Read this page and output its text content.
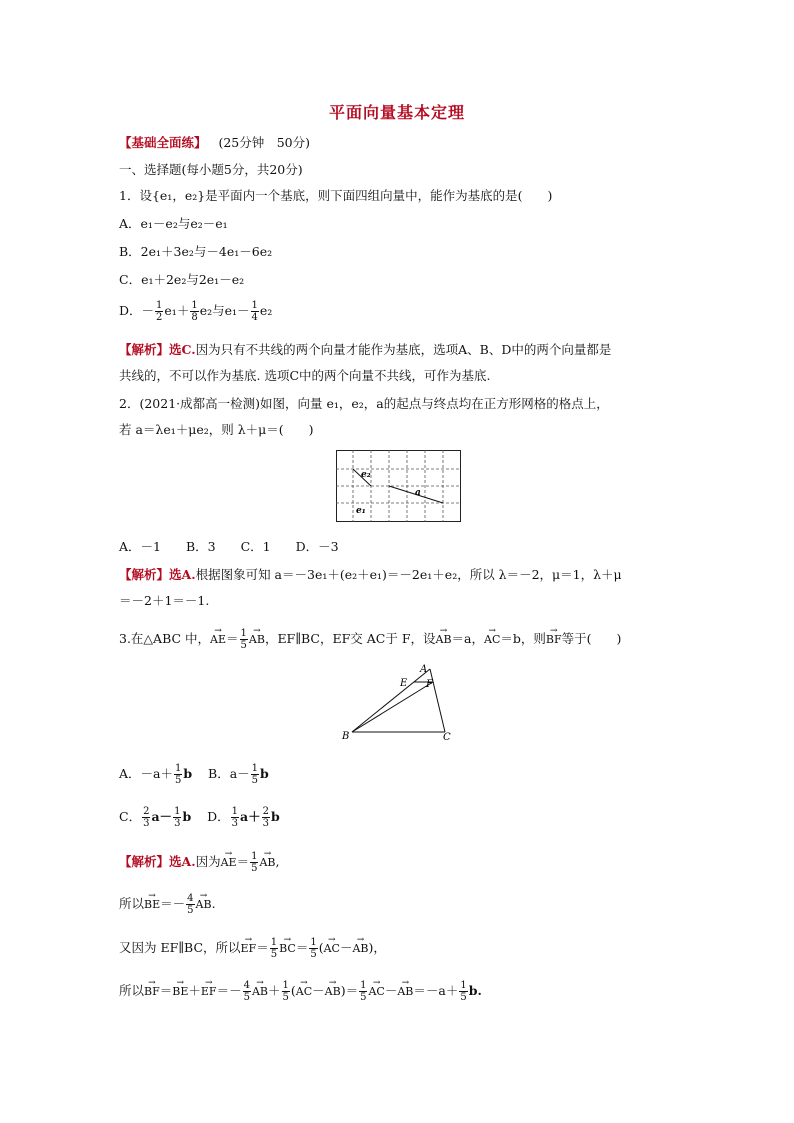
平面向量基本定理
【基础全面练】 (25分钟　50分)
一、选择题(每小题5分，共20分)
1．设{e₁，e₂}是平面内一个基底，则下面四组向量中，能作为基底的是(　　)
A．e₁－e₂与e₂－e₁
B．2e₁＋3e₂与－4e₁－6e₂
C．e₁＋2e₂与2e₁－e₂
D．－ $\frac{1}{2} e_1+ \frac{1}{8} e_2$与$e_1- \frac{1}{4} e_2$
【解析】选C.因为只有不共线的两个向量才能作为基底，选项A、B、D中的两个向量都是
共线的，不可以作为基底. 选项C中的两个向量不共线，可作为基底.
2．(2021·成都高一检测)如图，向量 e₁，e₂，a的起点与终点均在正方形网格的格点上，
若 a＝λe₁＋μe₂，则 λ＋μ＝(　　)
e₂
a
e₁
A．－1　　B．3　　C．1　　D．－3
【解析】选A.根据图象可知 a＝－3e₁＋(e₂＋e₁)＝－2e₁＋e₂，所以 λ＝－2，μ＝1，λ＋μ
＝－2＋1＝－1.
3.在△ABC 中，→ $AE= \frac{1}{5}$
→ AB，EF∥BC，EF交 AC于 F，设→ AB＝a，→ AC＝b，则→ BF等于(　　)
A
E F
B	C
A．$-a+ \frac{1}{5}$ b B．$a- \frac{1}{5}$ b
C． $\frac{2}{3} a- \frac{1}{3}$ b D． $\frac{1}{3} a+ \frac{2}{3}$ b
【解析】选A.因为→ $AE= \frac{1}{5}$
→ AB,
所以→ $BE=- \frac{4}{5}$
→ AB.
又因为 EF∥BC，所以→ $EF= \frac{1}{5}$
→ $BC= \frac{1}{5}$ (→ AC－→ AB)，
所以→ $BF=\to BE+\to EF=- \frac{4}{5}$
→ $AB+ \frac{1}{5}$ (→ $AC-\to AB)= \frac{1}{5}$
→ $AC-\to AB=-a+ \frac{1}{5} b$.
